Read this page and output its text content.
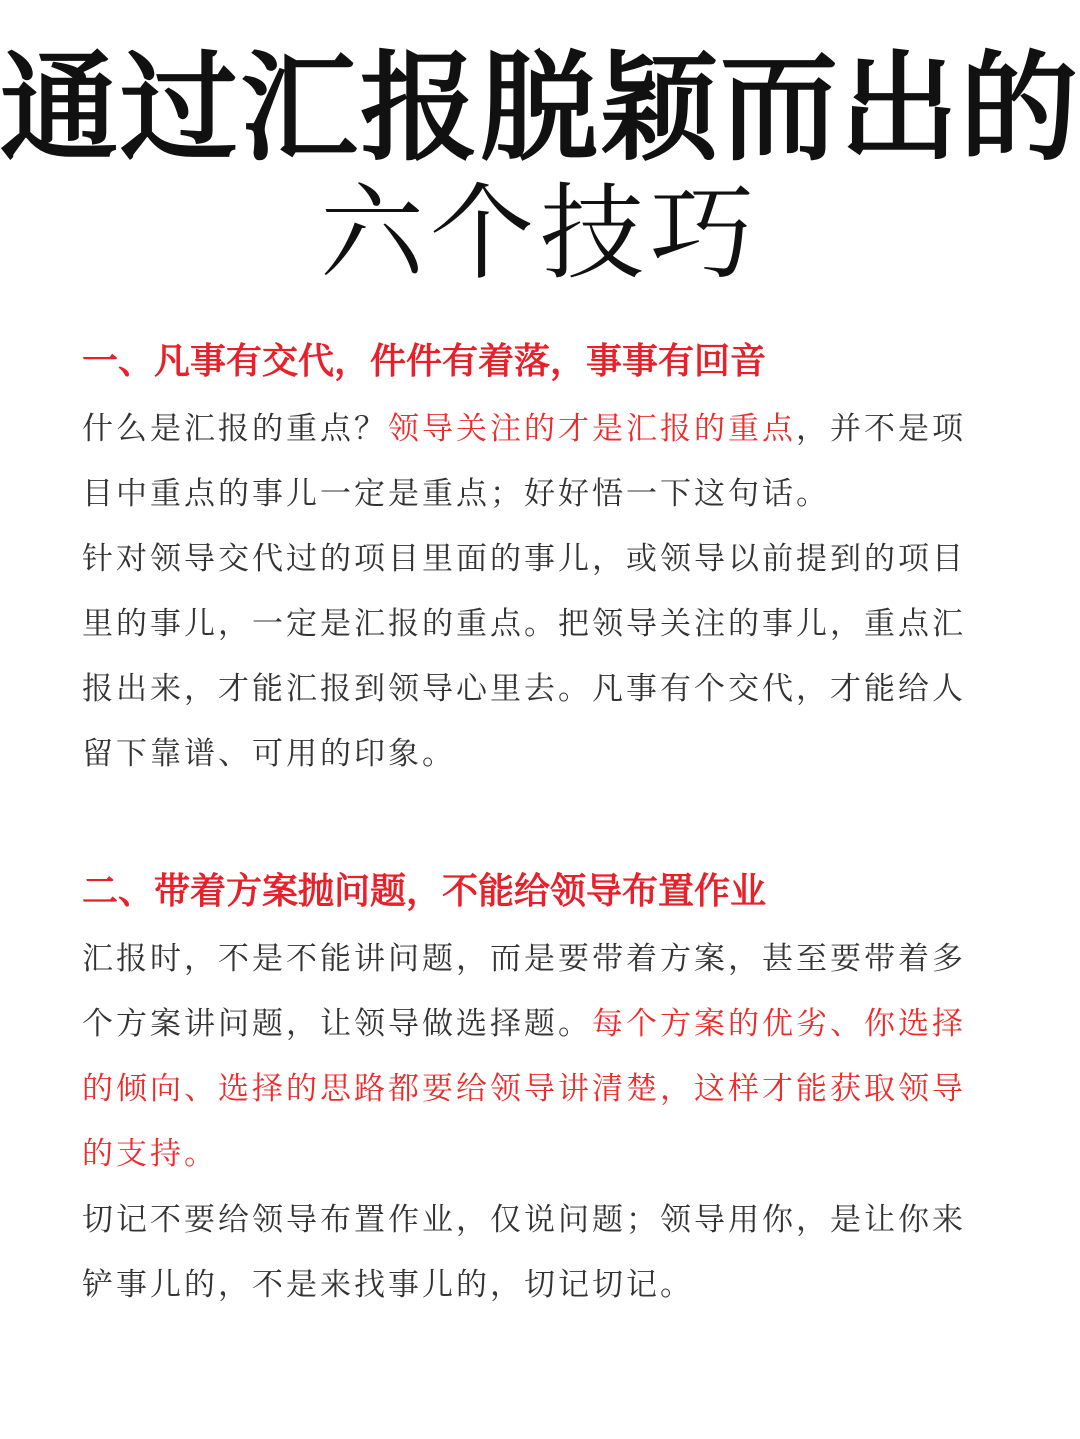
通过汇报脱颖而出的
六个技巧
一、凡事有交代，件件有着落，事事有回音

什么是汇报的重点？领导关注的才是汇报的重点，并不是项目中重点的事儿一定是重点；好好悟一下这句话。

针对领导交代过的项目里面的事儿，或领导以前提到的项目里的事儿，一定是汇报的重点。把领导关注的事儿，重点汇报出来，才能汇报到领导心里去。凡事有个交代，才能给人留下靠谱、可用的印象。

二、带着方案抛问题，不能给领导布置作业

汇报时，不是不能讲问题，而是要带着方案，甚至要带着多个方案讲问题，让领导做选择题。每个方案的优劣、你选择的倾向、选择的思路都要给领导讲清楚，这样才能获取领导的支持。

切记不要给领导布置作业，仅说问题；领导用你，是让你来铲事儿的，不是来找事儿的，切记切记。
